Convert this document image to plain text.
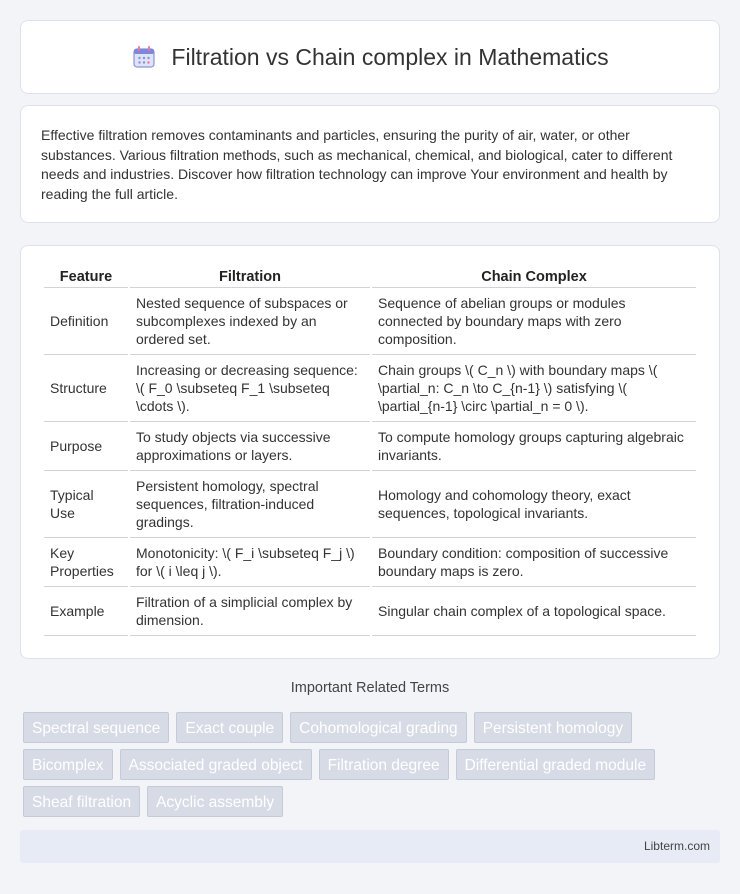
Filtration vs Chain complex in Mathematics

Effective filtration removes contaminants and particles, ensuring the purity of air, water, or other substances. Various filtration methods, such as mechanical, chemical, and biological, cater to different needs and industries. Discover how filtration technology can improve Your environment and health by reading the full article.

Feature	Filtration	Chain Complex
Definition	Nested sequence of subspaces or subcomplexes indexed by an ordered set.	Sequence of abelian groups or modules connected by boundary maps with zero composition.
Structure	Increasing or decreasing sequence: \( F_0 \subseteq F_1 \subseteq \cdots \).	Chain groups \( C_n \) with boundary maps \( \partial_n: C_n \to C_{n-1} \) satisfying \( \partial_{n-1} \circ \partial_n = 0 \).
Purpose	To study objects via successive approximations or layers.	To compute homology groups capturing algebraic invariants.
Typical Use	Persistent homology, spectral sequences, filtration-induced gradings.	Homology and cohomology theory, exact sequences, topological invariants.
Key Properties	Monotonicity: \( F_i \subseteq F_j \) for \( i \leq j \).	Boundary condition: composition of successive boundary maps is zero.
Example	Filtration of a simplicial complex by dimension.	Singular chain complex of a topological space.
Important Related Terms
Spectral sequence	Exact couple	Cohomological grading	Persistent homology
Bicomplex	Associated graded object	Filtration degree	Differential graded module
Sheaf filtration	Acyclic assembly
Libterm.com
